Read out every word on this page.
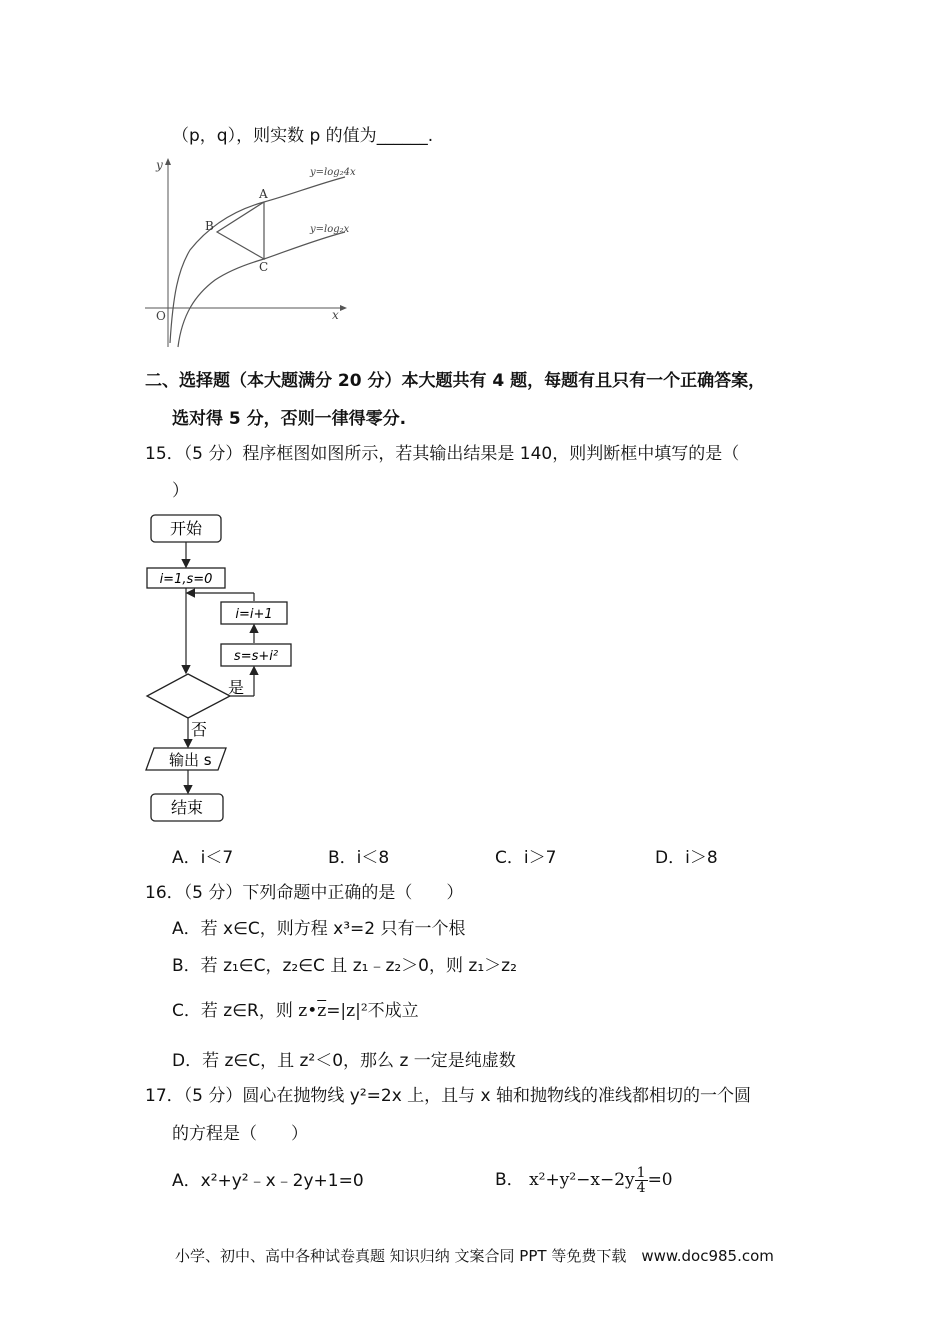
（p，q），则实数 p 的值为______.
y
x
O
A
B
C
y=log₂4x
y=log₂x
二、选择题（本大题满分 20 分）本大题共有 4 题，每题有且只有一个正确答案，
选对得 5 分，否则一律得零分.
15．（5 分）程序框图如图所示，若其输出结果是 140，则判断框中填写的是（
）
开始
i=1,s=0
i=i+1
s=s+i²
是
否
输出 s
结束
A．i＜7	B．i＜8	C．i＞7	D．i＞8
16．（5 分）下列命题中正确的是（　　）
A．若 x∈C，则方程 x³=2 只有一个根
B．若 z₁∈C，z₂∈C 且 z₁﹣z₂＞0，则 z₁＞z₂
C．若 z∈R，则 $z•\overline{z}=|z|^2$不成立
D．若 z∈C，且 z²＜0，那么 z 一定是纯虚数
17．（5 分）圆心在抛物线 y²=2x 上，且与 x 轴和抛物线的准线都相切的一个圆
的方程是（　　）
A．x²+y²﹣x﹣2y+1=0	B． $x^2+y^2-x-2y \frac{1}{4} =0$
小学、初中、高中各种试卷真题 知识归纳 文案合同 PPT 等免费下载　www.doc985.com
